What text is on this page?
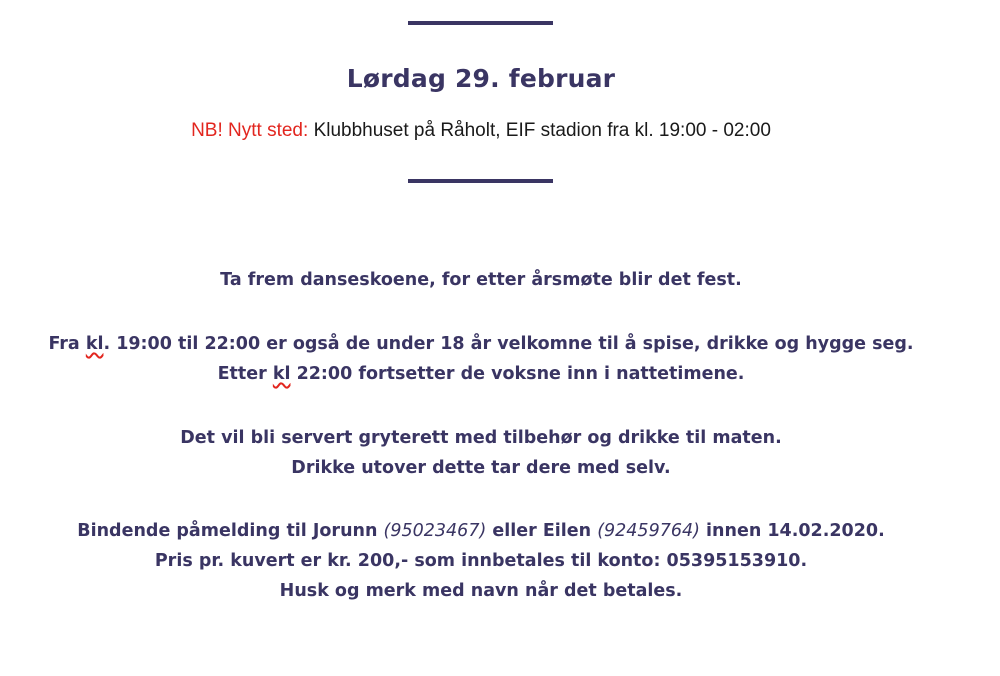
Lørdag 29. februar
NB! Nytt sted: Klubbhuset på Råholt, EIF stadion fra kl. 19:00 - 02:00
Ta frem danseskoene, for etter årsmøte blir det fest.
Fra kl. 19:00 til 22:00 er også de under 18 år velkomne til å spise, drikke og hygge seg.
Etter kl 22:00 fortsetter de voksne inn i nattetimene.
Det vil bli servert gryterett med tilbehør og drikke til maten.
Drikke utover dette tar dere med selv.
Bindende påmelding til Jorunn (95023467) eller Eilen (92459764) innen 14.02.2020.
Pris pr. kuvert er kr. 200,- som innbetales til konto: 05395153910.
Husk og merk med navn når det betales.
